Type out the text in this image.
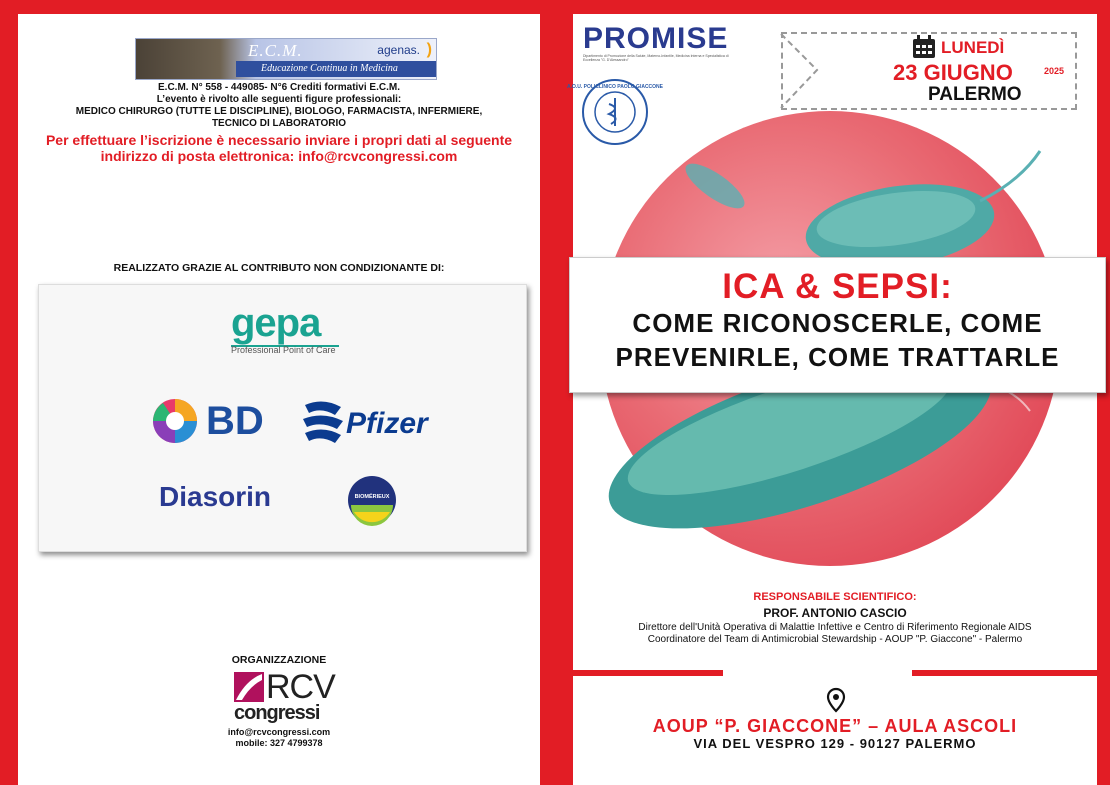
E.C.M.
Educazione Continua in Medicina
agenas. )
E.C.M. N° 558 - 449085- N°6 Crediti formativi E.C.M.
L’evento è rivolto alle seguenti figure professionali:
MEDICO CHIRURGO (TUTTE LE DISCIPLINE), BIOLOGO, FARMACISTA, INFERMIERE,
TECNICO DI LABORATORIO
Per effettuare l’iscrizione è necessario inviare i propri dati al seguente
indirizzo di posta elettronica: info@rcvcongressi.com
REALIZZATO GRAZIE AL CONTRIBUTO NON CONDIZIONANTE DI:
gepa
Professional Point of Care
BD	Pfizer
Diasorin	BIOMÉRIEUX
ORGANIZZAZIONE
RCV
congressi
info@rcvcongressi.com
mobile: 327 4799378
LUNEDÌ
23 GIUGNO	2025
PALERMO
PROMISE
Dipartimento di Promozione della Salute, Materno-Infantile, Medicina Interna e Specialistica di Eccellenza "G. D'Alessandro"
A.O.U. POLICLINICO PAOLO GIACCONE
ICA & SEPSI:
COME RICONOSCERLE, COME
PREVENIRLE, COME TRATTARLE
RESPONSABILE SCIENTIFICO:
PROF. ANTONIO CASCIO
Direttore dell'Unità Operativa di Malattie Infettive e Centro di Riferimento Regionale AIDS
Coordinatore del Team di Antimicrobial Stewardship - AOUP "P. Giaccone" - Palermo
AOUP “P. GIACCONE” – AULA ASCOLI
VIA DEL VESPRO 129 - 90127 PALERMO
